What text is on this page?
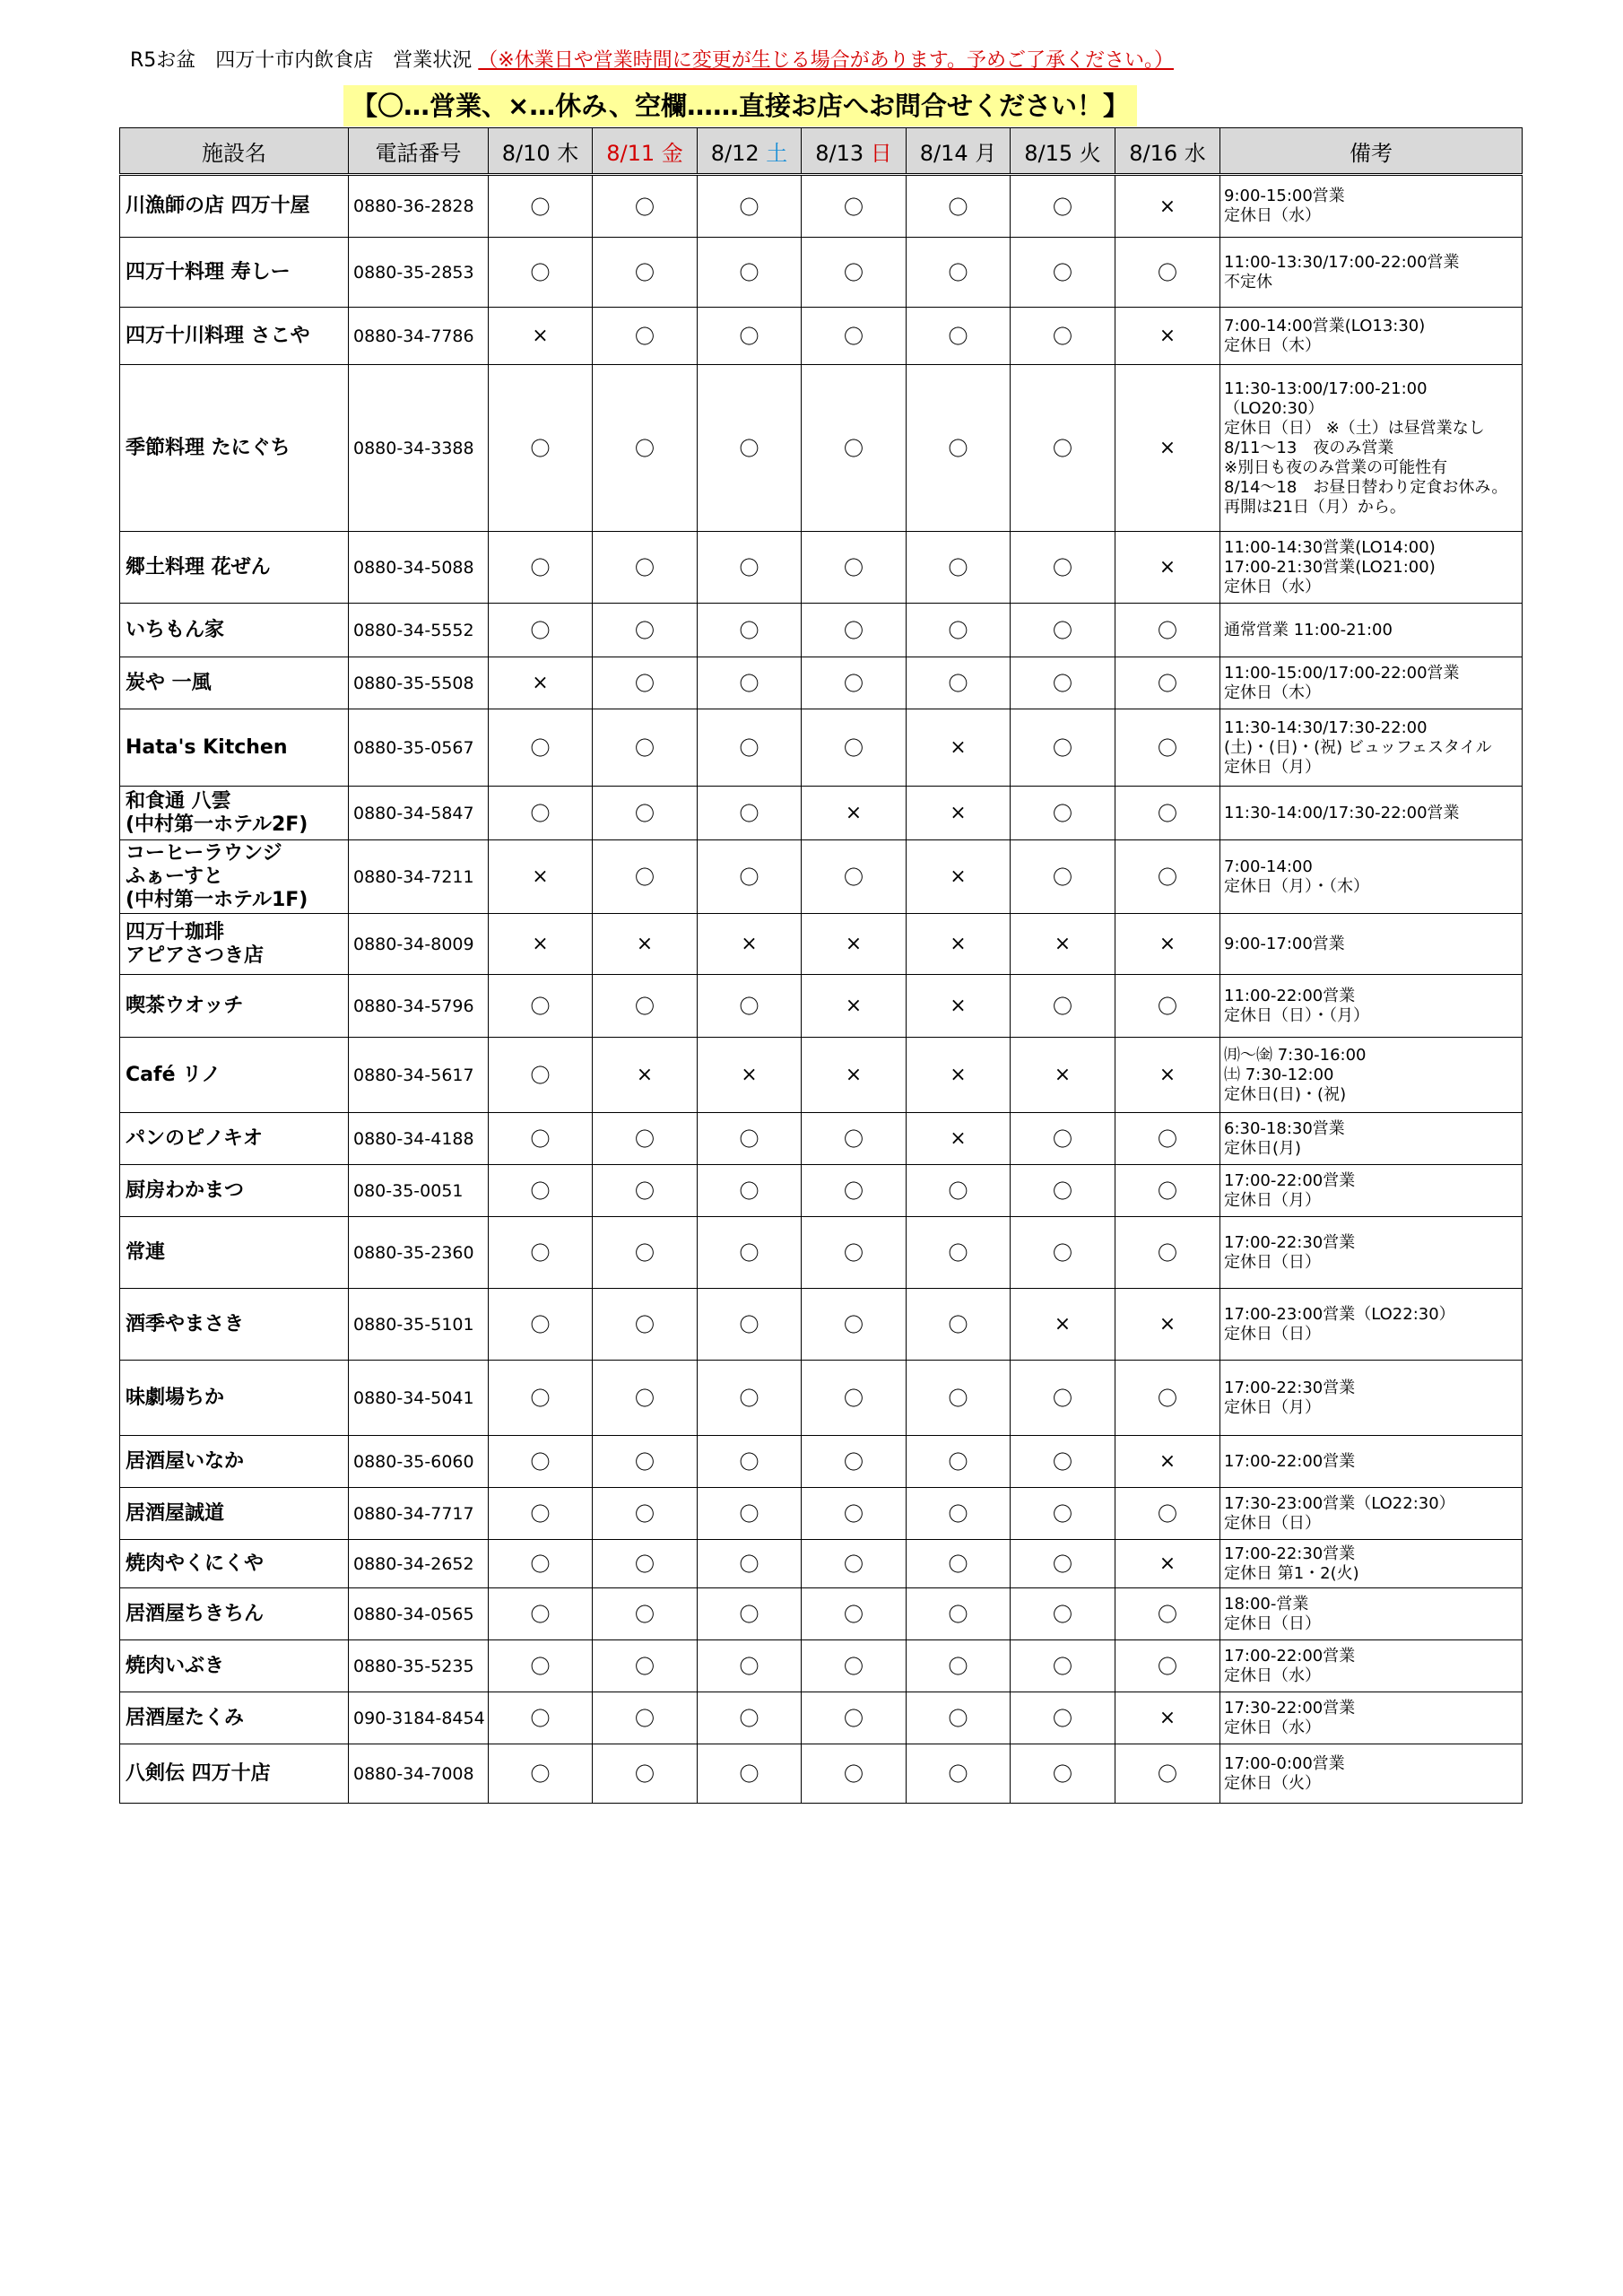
R5お盆　四万十市内飲食店　営業状況 （※休業日や営業時間に変更が生じる場合があります。予めご了承ください。）
【〇…営業、×…休み、空欄……直接お店へお問合せください！】
施設名	電話番号	8/10 木	8/11 金	8/12 土	8/13 日	8/14 月	8/15 火	8/16 水	備考
川漁師の店 四万十屋	0880-36-2828	〇	〇	〇	〇	〇	〇	×	9:00-15:00営業
定休日（水）
四万十料理 寿しー	0880-35-2853	〇	〇	〇	〇	〇	〇	〇	11:00-13:30/17:00-22:00営業
不定休
四万十川料理 さこや	0880-34-7786	×	〇	〇	〇	〇	〇	×	7:00-14:00営業(LO13:30)
定休日（木）
季節料理 たにぐち	0880-34-3388	〇	〇	〇	〇	〇	〇	×	11:30-13:00/17:00-21:00（LO20:30）
定休日（日） ※（土）は昼営業なし
8/11～13　夜のみ営業
※別日も夜のみ営業の可能性有
8/14～18　お昼日替わり定食お休み。再開は21日（月）から。
郷土料理 花ぜん	0880-34-5088	〇	〇	〇	〇	〇	〇	×	11:00-14:30営業(LO14:00)
17:00-21:30営業(LO21:00)
定休日（水）
いちもん家	0880-34-5552	〇	〇	〇	〇	〇	〇	〇	通常営業 11:00-21:00
炭や 一風	0880-35-5508	×	〇	〇	〇	〇	〇	〇	11:00-15:00/17:00-22:00営業
定休日（木）
Hata's Kitchen	0880-35-0567	〇	〇	〇	〇	×	〇	〇	11:30-14:30/17:30-22:00
(土)・(日)・(祝) ビュッフェスタイル
定休日（月）
和食通 八雲
(中村第一ホテル2F)	0880-34-5847	〇	〇	〇	×	×	〇	〇	11:30-14:00/17:30-22:00営業
コーヒーラウンジ
ふぁーすと
(中村第一ホテル1F)	0880-34-7211	×	〇	〇	〇	×	〇	〇	7:00-14:00
定休日（月）・（木）
四万十珈琲
アピアさつき店	0880-34-8009	×	×	×	×	×	×	×	9:00-17:00営業
喫茶ウオッチ	0880-34-5796	〇	〇	〇	×	×	〇	〇	11:00-22:00営業
定休日（日）・（月）
Café リノ	0880-34-5617	〇	×	×	×	×	×	×	㈪～㈮ 7:30-16:00
㈯ 7:30-12:00
定休日(日)・(祝)
パンのピノキオ	0880-34-4188	〇	〇	〇	〇	×	〇	〇	6:30-18:30営業
定休日(月)
厨房わかまつ	080-35-0051	〇	〇	〇	〇	〇	〇	〇	17:00-22:00営業
定休日（月）
常連	0880-35-2360	〇	〇	〇	〇	〇	〇	〇	17:00-22:30営業
定休日（日）
酒季やまさき	0880-35-5101	〇	〇	〇	〇	〇	×	×	17:00-23:00営業（LO22:30）
定休日（日）
味劇場ちか	0880-34-5041	〇	〇	〇	〇	〇	〇	〇	17:00-22:30営業
定休日（月）
居酒屋いなか	0880-35-6060	〇	〇	〇	〇	〇	〇	×	17:00-22:00営業
居酒屋誠道	0880-34-7717	〇	〇	〇	〇	〇	〇	〇	17:30-23:00営業（LO22:30）
定休日（日）
焼肉やくにくや	0880-34-2652	〇	〇	〇	〇	〇	〇	×	17:00-22:30営業
定休日 第1・2(火)
居酒屋ちきちん	0880-34-0565	〇	〇	〇	〇	〇	〇	〇	18:00-営業
定休日（日）
焼肉いぶき	0880-35-5235	〇	〇	〇	〇	〇	〇	〇	17:00-22:00営業
定休日（水）
居酒屋たくみ	090-3184-8454	〇	〇	〇	〇	〇	〇	×	17:30-22:00営業
定休日（水）
八剣伝 四万十店	0880-34-7008	〇	〇	〇	〇	〇	〇	〇	17:00-0:00営業
定休日（火）
